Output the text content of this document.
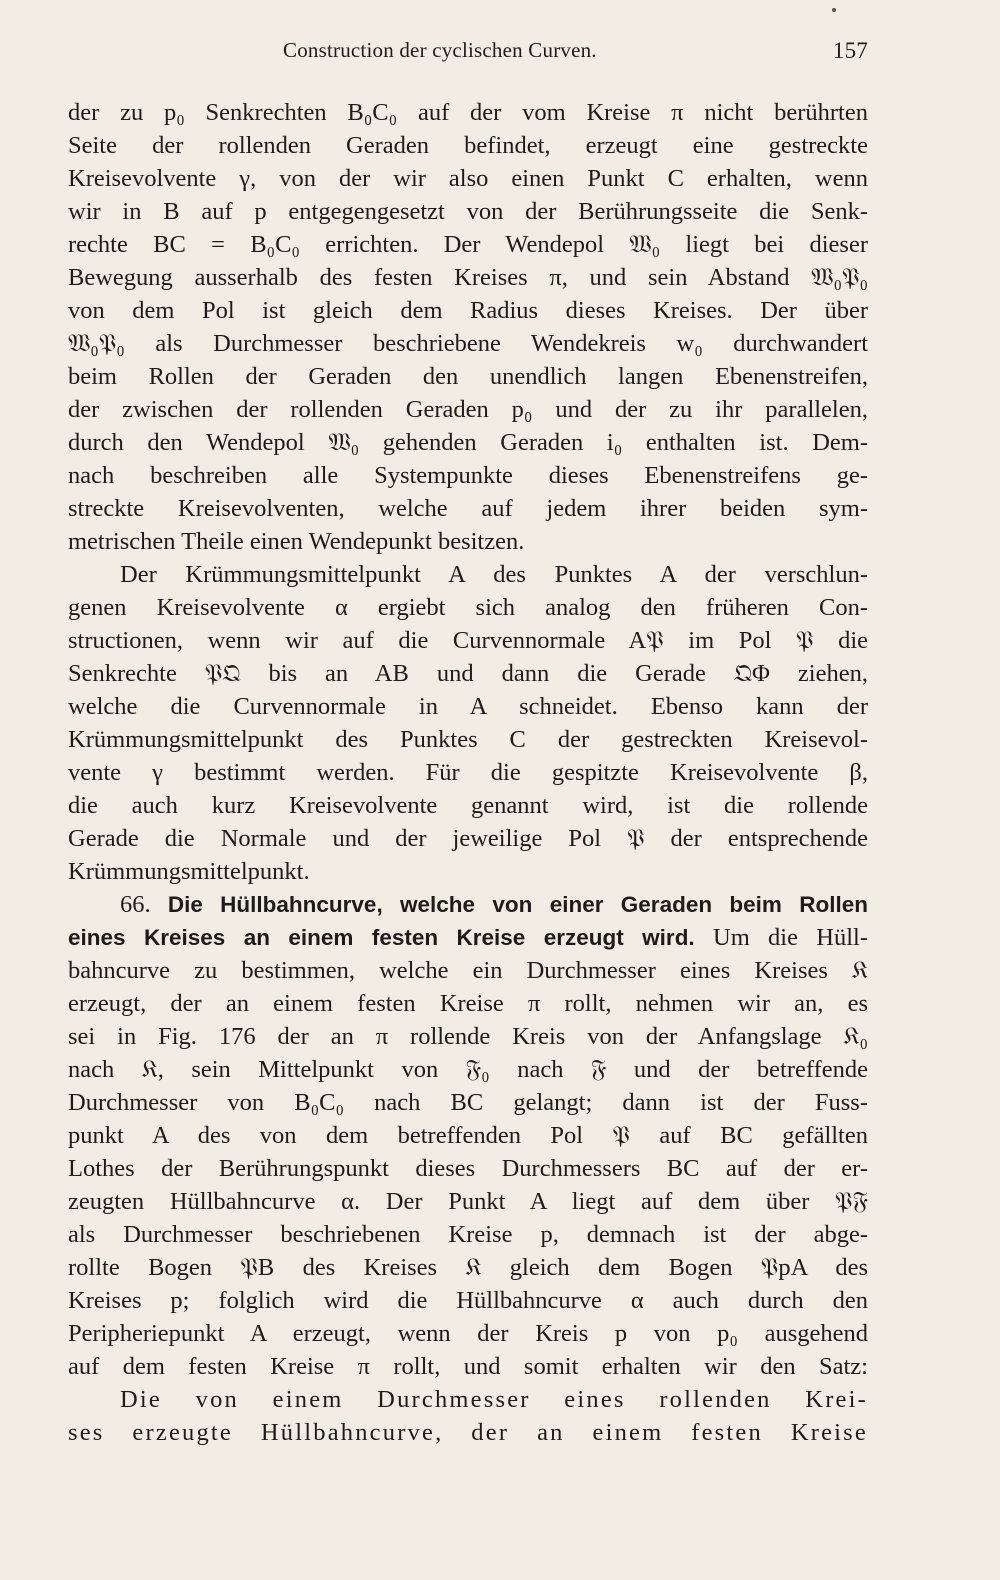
Construction der cyclischen Curven.	157
der zu p₀ Senkrechten B₀C₀ auf der vom Kreise π nicht berührten
Seite der rollenden Geraden befindet, erzeugt eine gestreckte
Kreisevolvente γ, von der wir also einen Punkt C erhalten, wenn
wir in B auf p entgegengesetzt von der Berührungsseite die Senk-
rechte BC = B₀C₀ errichten. Der Wendepol 𝔚₀ liegt bei dieser
Bewegung ausserhalb des festen Kreises π, und sein Abstand 𝔚₀𝔓₀
von dem Pol ist gleich dem Radius dieses Kreises. Der über
𝔚₀𝔓₀ als Durchmesser beschriebene Wendekreis w₀ durchwandert
beim Rollen der Geraden den unendlich langen Ebenenstreifen,
der zwischen der rollenden Geraden p₀ und der zu ihr parallelen,
durch den Wendepol 𝔚₀ gehenden Geraden i₀ enthalten ist. Dem-
nach beschreiben alle Systempunkte dieses Ebenenstreifens ge-
streckte Kreisevolventen, welche auf jedem ihrer beiden sym-
metrischen Theile einen Wendepunkt besitzen.
Der Krümmungsmittelpunkt A des Punktes A der verschlun-
genen Kreisevolvente α ergiebt sich analog den früheren Con-
structionen, wenn wir auf die Curvennormale A𝔓 im Pol 𝔓 die
Senkrechte 𝔓𝔔 bis an AB und dann die Gerade 𝔔Φ ziehen,
welche die Curvennormale in A schneidet. Ebenso kann der
Krümmungsmittelpunkt des Punktes C der gestreckten Kreisevol-
vente γ bestimmt werden. Für die gespitzte Kreisevolvente β,
die auch kurz Kreisevolvente genannt wird, ist die rollende
Gerade die Normale und der jeweilige Pol 𝔓 der entsprechende
Krümmungsmittelpunkt.
66. Die Hüllbahncurve, welche von einer Geraden beim Rollen
eines Kreises an einem festen Kreise erzeugt wird. Um die Hüll-
bahncurve zu bestimmen, welche ein Durchmesser eines Kreises 𝔎
erzeugt, der an einem festen Kreise π rollt, nehmen wir an, es
sei in Fig. 176 der an π rollende Kreis von der Anfangslage 𝔎₀
nach 𝔎, sein Mittelpunkt von 𝔉₀ nach 𝔉 und der betreffende
Durchmesser von B₀C₀ nach BC gelangt; dann ist der Fuss-
punkt A des von dem betreffenden Pol 𝔓 auf BC gefällten
Lothes der Berührungspunkt dieses Durchmessers BC auf der er-
zeugten Hüllbahncurve α. Der Punkt A liegt auf dem über 𝔓𝔉
als Durchmesser beschriebenen Kreise p, demnach ist der abge-
rollte Bogen 𝔓B des Kreises 𝔎 gleich dem Bogen 𝔓pA des
Kreises p; folglich wird die Hüllbahncurve α auch durch den
Peripheriepunkt A erzeugt, wenn der Kreis p von p₀ ausgehend
auf dem festen Kreise π rollt, und somit erhalten wir den Satz:
Die von einem Durchmesser eines rollenden Krei-
ses erzeugte Hüllbahncurve, der an einem festen Kreise
